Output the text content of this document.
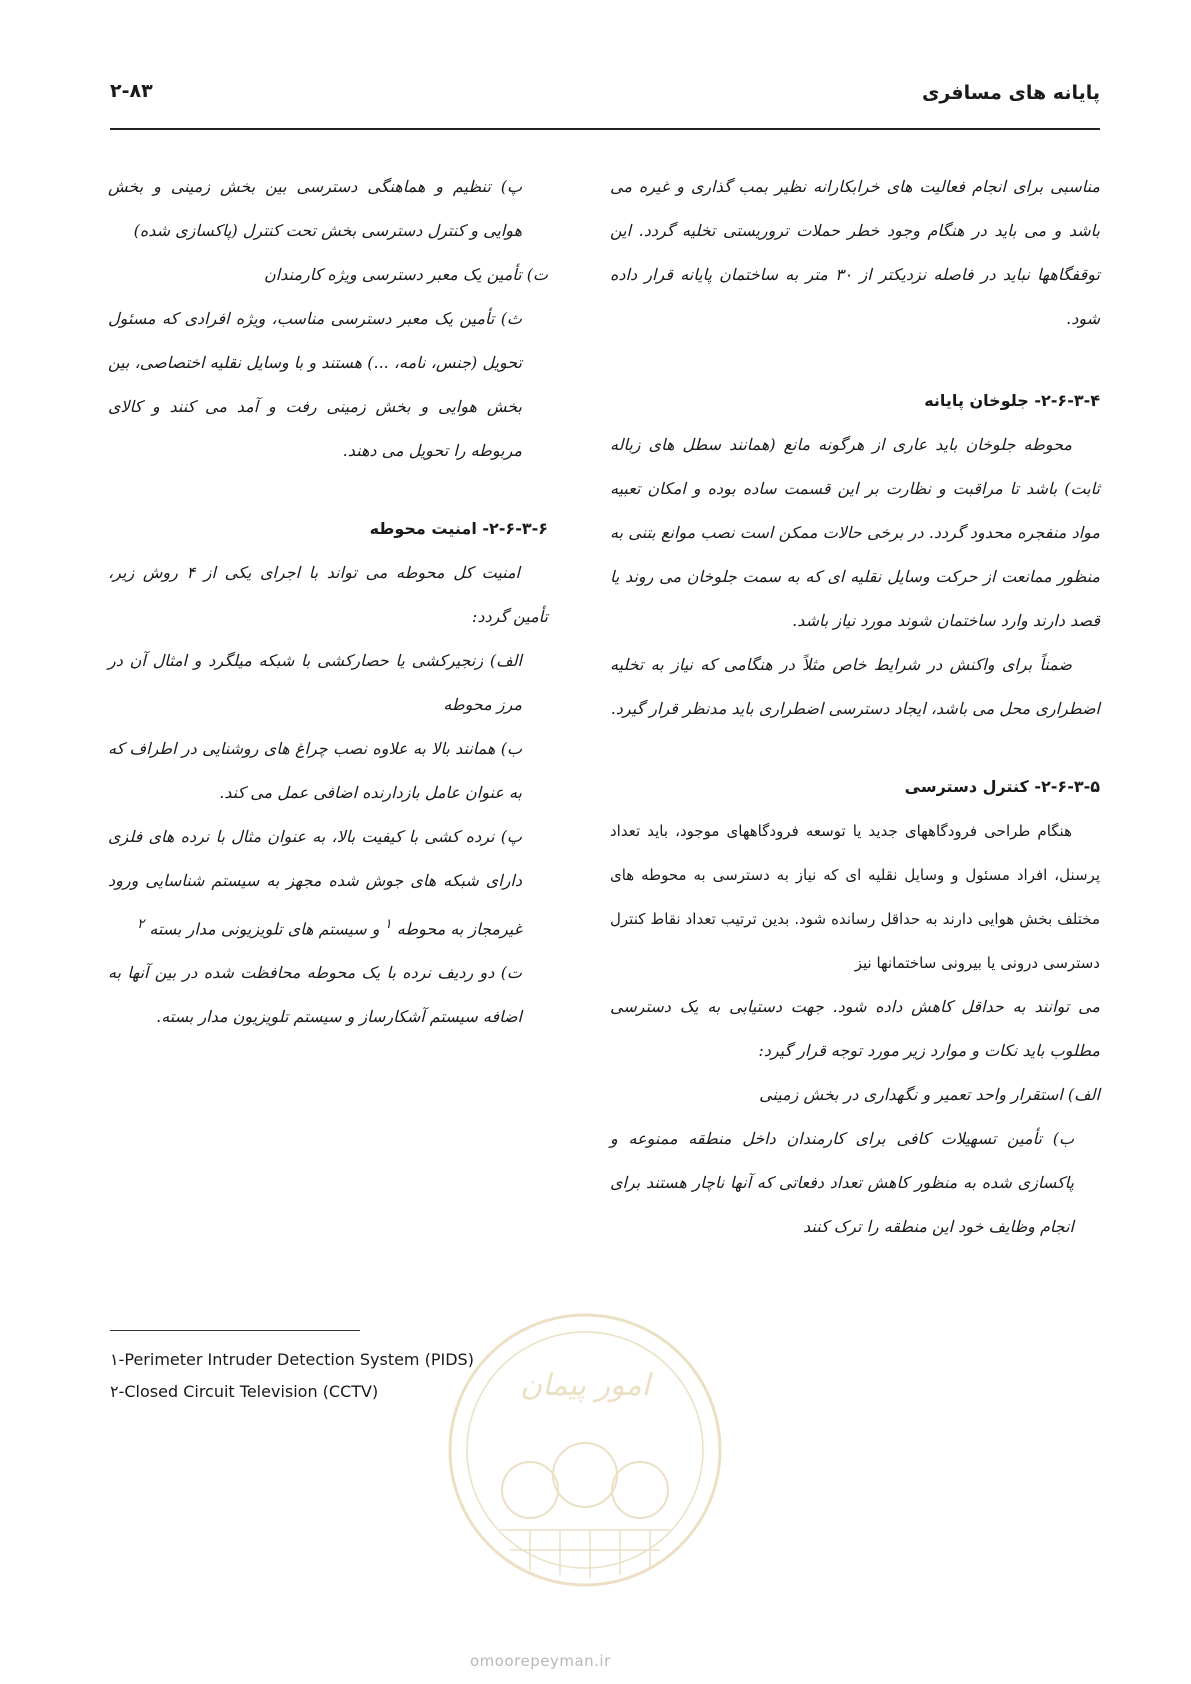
پایانه های مسافری
۲-۸۳

مناسبی برای انجام فعالیت های خرابکارانه نظیر بمب گذاری و غیره می باشد و می باید در هنگام وجود خطر حملات تروریستی تخلیه گردد. این توقفگاهها نباید در فاصله نزدیکتر از ۳۰ متر به ساختمان پایانه قرار داده شود.

۲-۶-۳-۴- جلوخان پایانه

محوطه جلوخان باید عاری از هرگونه مانع (همانند سطل های زباله ثابت) باشد تا مراقبت و نظارت بر این قسمت ساده بوده و امکان تعبیه مواد منفجره محدود گردد. در برخی حالات ممکن است نصب موانع بتنی به منظور ممانعت از حرکت وسایل نقلیه ای که به سمت جلوخان می روند یا قصد دارند وارد ساختمان شوند مورد نیاز باشد.

ضمناً برای واکنش در شرایط خاص مثلاً در هنگامی که نیاز به تخلیه اضطراری محل می باشد، ایجاد دسترسی اضطراری باید مدنظر قرار گیرد.

۲-۶-۳-۵- کنترل دسترسی

هنگام طراحی فرودگاههای جدید یا توسعه فرودگاههای موجود، باید تعداد پرسنل، افراد مسئول و وسایل نقلیه ای که نیاز به دسترسی به محوطه های مختلف بخش هوایی دارند به حداقل رسانده شود. بدین ترتیب تعداد نقاط کنترل دسترسی درونی یا بیرونی ساختمانها نیز

می توانند به حداقل کاهش داده شود. جهت دستیابی به یک دسترسی مطلوب باید نکات و موارد زیر مورد توجه قرار گیرد:

الف) استقرار واحد تعمیر و نگهداری در بخش زمینی

ب) تأمین تسهیلات کافی برای کارمندان داخل منطقه ممنوعه و پاکسازی شده به منظور کاهش تعداد دفعاتی که آنها ناچار هستند برای انجام وظایف خود این منطقه را ترک کنند

پ) تنظیم و هماهنگی دسترسی بین بخش زمینی و بخش هوایی و کنترل دسترسی بخش تحت کنترل (پاکسازی شده)

ت) تأمین یک معبر دسترسی ویژه کارمندان

ث) تأمین یک معبر دسترسی مناسب، ویژه افرادی که مسئول تحویل (جنس، نامه، ...) هستند و با وسایل نقلیه اختصاصی، بین بخش هوایی و بخش زمینی رفت و آمد می کنند و کالای مربوطه را تحویل می دهند.

۲-۶-۳-۶- امنیت محوطه

امنیت کل محوطه می تواند با اجرای یکی از ۴ روش زیر، تأمین گردد:

الف) زنجیرکشی یا حصارکشی با شبکه میلگرد و امثال آن در مرز محوطه

ب) همانند بالا به علاوه نصب چراغ های روشنایی در اطراف که به عنوان عامل بازدارنده اضافی عمل می کند.

پ) نرده کشی با کیفیت بالا، به عنوان مثال با نرده های فلزی دارای شبکه های جوش شده مجهز به سیستم شناسایی ورود غیرمجاز به محوطه $^۱$ و سیستم های تلویزیونی مدار بسته $^۲$

ت) دو ردیف نرده با یک محوطه محافظت شده در بین آنها به اضافه سیستم آشکارساز و سیستم تلویزیون مدار بسته.

۱-Perimeter Intruder Detection System (PIDS)
۲-Closed Circuit Television (CCTV)	امور پیمان
omoorepeyman.ir
